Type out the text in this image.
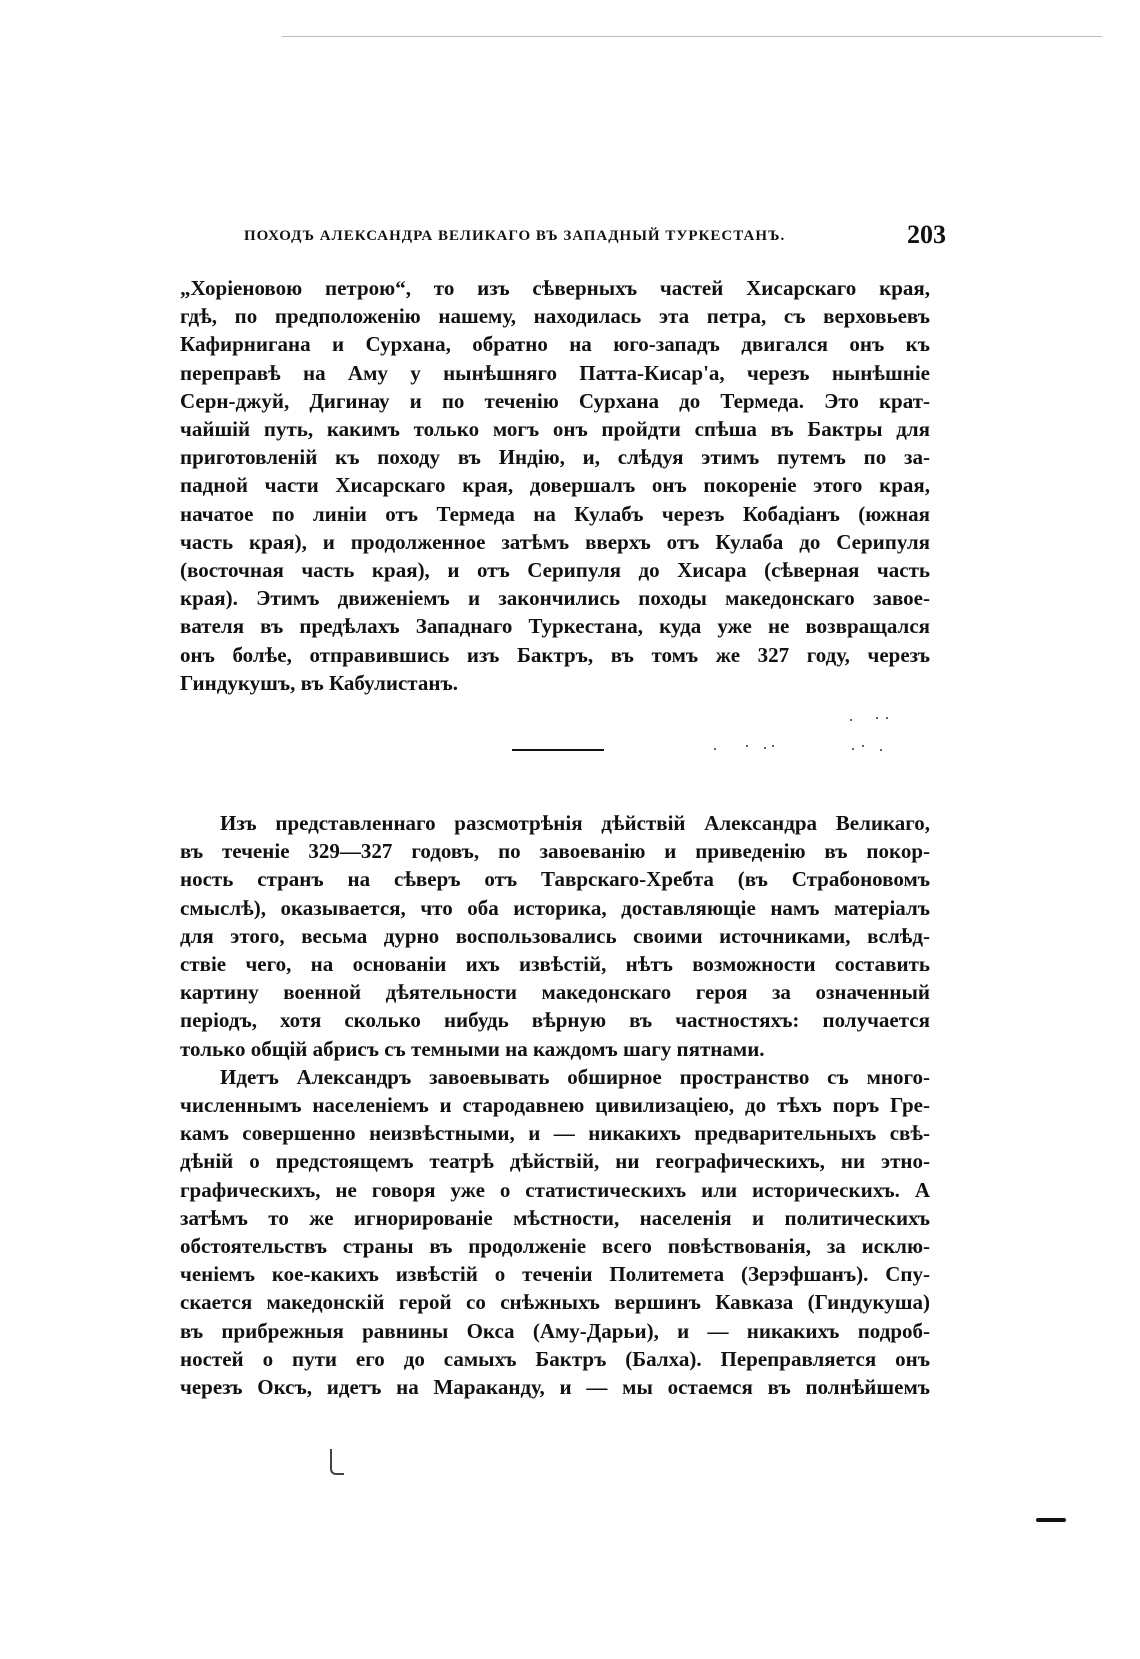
ПОХОДЪ АЛЕКСАНДРА ВЕЛИКАГО ВЪ ЗАПАДНЫЙ ТУРКЕСТАНЪ.	203
„Хоріеновою петрою“, то изъ сѣверныхъ частей Хисарскаго края,
гдѣ, по предположенію нашему, находилась эта петра, съ верховьевъ
Кафирнигана и Сурхана, обратно на юго-западъ двигался онъ къ
переправѣ на Аму у нынѣшняго Патта-Кисар'а, черезъ нынѣшніе
Серн-джуй, Дигинау и по теченію Сурхана до Термеда. Это крат-
чайшій путь, какимъ только могъ онъ пройдти спѣша въ Бактры для
приготовленій къ походу въ Индію, и, слѣдуя этимъ путемъ по за-
падной части Хисарскаго края, довершалъ онъ покореніе этого края,
начатое по линіи отъ Термеда на Кулабъ черезъ Кобадіанъ (южная
часть края), и продолженное затѣмъ вверхъ отъ Кулаба до Серипуля
(восточная часть края), и отъ Серипуля до Хисара (сѣверная часть
края). Этимъ движеніемъ и закончились походы македонскаго завое-
вателя въ предѣлахъ Западнаго Туркестана, куда уже не возвращался
онъ болѣе, отправившись изъ Бактръ, въ томъ же 327 году, черезъ
Гиндукушъ, въ Кабулистанъ.
Изъ представленнаго разсмотрѣнія дѣйствій Александра Великаго,
въ теченіе 329—327 годовъ, по завоеванію и приведенію въ покор-
ность странъ на сѣверъ отъ Таврскаго-Хребта (въ Страбоновомъ
смыслѣ), оказывается, что оба историка, доставляющіе намъ матеріалъ
для этого, весьма дурно воспользовались своими источниками, вслѣд-
ствіе чего, на основаніи ихъ извѣстій, нѣтъ возможности составить
картину военной дѣятельности македонскаго героя за означенный
періодъ, хотя сколько нибудь вѣрную въ частностяхъ: получается
только общій абрисъ съ темными на каждомъ шагу пятнами.
Идетъ Александръ завоевывать обширное пространство съ много-
численнымъ населеніемъ и стародавнею цивилизаціею, до тѣхъ поръ Гре-
камъ совершенно неизвѣстными, и — никакихъ предварительныхъ свѣ-
дѣній о предстоящемъ театрѣ дѣйствій, ни географическихъ, ни этно-
графическихъ, не говоря уже о статистическихъ или историческихъ. А
затѣмъ то же игнорированіе мѣстности, населенія и политическихъ
обстоятельствъ страны въ продолженіе всего повѣствованія, за исклю-
ченіемъ кое-какихъ извѣстій о теченіи Политемета (Зерэфшанъ). Спу-
скается македонскій герой со снѣжныхъ вершинъ Кавказа (Гиндукуша)
въ прибрежныя равнины Окса (Аму-Дарьи), и — никакихъ подроб-
ностей о пути его до самыхъ Бактръ (Балха). Переправляется онъ
черезъ Оксъ, идетъ на Мараканду, и — мы остаемся въ полнѣйшемъ
